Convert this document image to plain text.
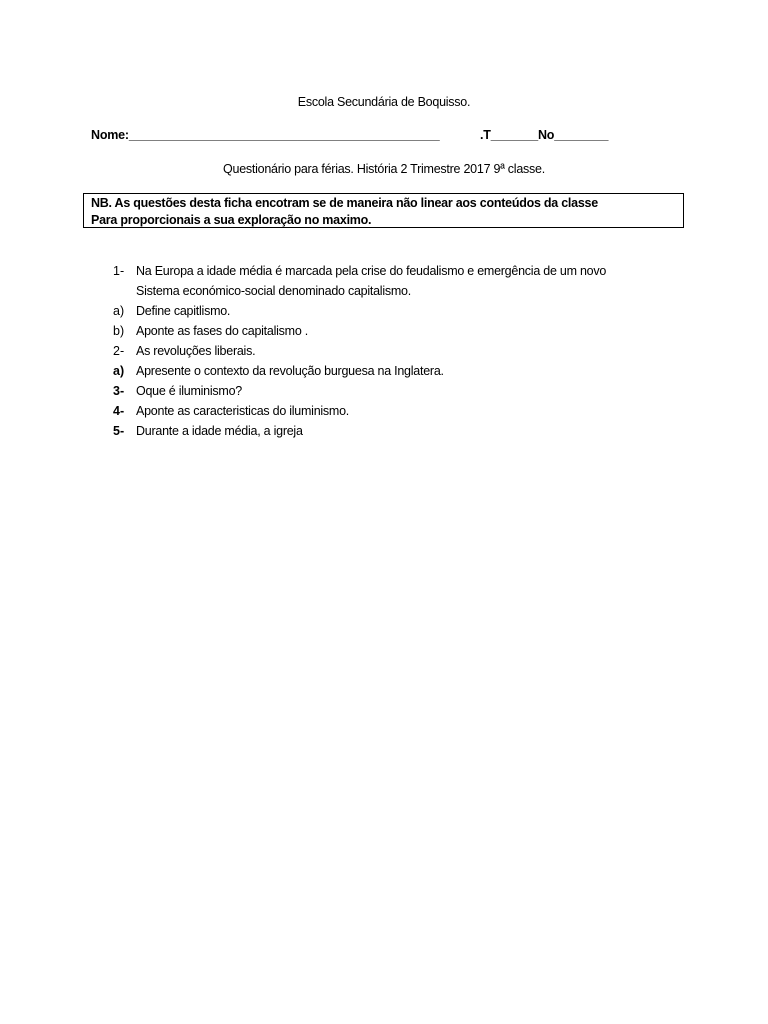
Escola Secundária de Boquisso.
Nome:______________________________________________	.T_______No________
Questionário para férias. História 2 Trimestre 2017 9ª classe.
NB. As questões desta ficha encotram se de maneira não linear aos conteúdos da classe
Para proporcionais a sua exploração no maximo.
1- Na Europa a idade média é marcada pela crise do feudalismo e emergência de um novo
Sistema económico-social denominado capitalismo.
a) Define capitlismo.
b) Aponte as fases do capitalismo .
2- As revoluções liberais.
a) Apresente o contexto da revolução burguesa na Inglatera.
3- Oque é iluminismo?
4- Aponte as caracteristicas do iluminismo.
5- Durante a idade média, a igreja
